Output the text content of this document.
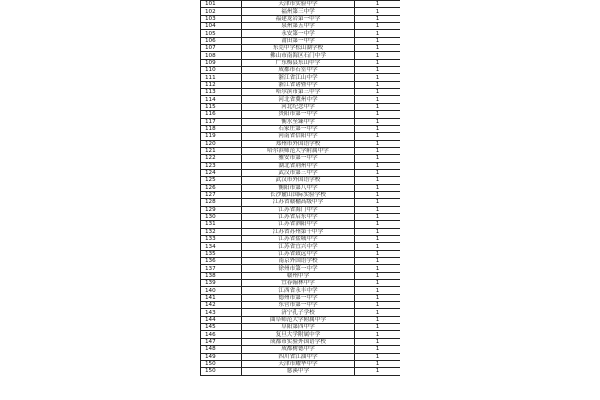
101	天津市实验中学	1
102	福州第三中学	1
103	福建龙岩第一中学	1
104	泉州第五中学	1
105	永安第一中学	1
106	莆田第一中学	1
107	东莞中学松山湖学校	1
108	佛山市南海区石门中学	1
109	广东梅县东山中学	1
110	成都市石室中学	1
111	浙江省江山中学	1
112	浙江省诸暨中学	1
113	哈尔滨市第三中学	1
114	河北省冀州中学	1
115	河北纪念中学	1
116	贵阳市第一中学	1
117	衡水至臻中学	1
118	石家庄第一中学	1
119	河南省信阳中学	1
120	郑州市外国语学校	1
121	哈尔滨师范大学附属中学	1
122	雅安市第一中学	1
123	湖北省荆州中学	1
124	武汉市第三中学	1
125	武汉市外国语学校	1
126	衡阳市第八中学	1
127	长沙麓山国际实验学校	1
128	江苏省赣榆高级中学	1
129	江苏省海门中学	1
130	江苏省启东中学	1
131	江苏省泗阳中学	1
132	江苏省苏州第十中学	1
133	江苏省盐城中学	1
134	江苏省宜兴中学	1
135	江苏省致远中学	1
136	南京外国语学校	1
137	徐州市第一中学	1
138	赣州中学	1
139	宜春翰林中学	1
140	江西省永丰中学	1
141	德州市第一中学	1
142	东营市第一中学	1
143	济宁孔子学校	1
144	曲阜师范大学附属中学	1
145	阜阳第四中学	1
146	复旦大学附属中学	1
147	成都市实验外国语学校	1
148	成都树德中学	1
149	四川省江油中学	1
150	天津市耀华中学	1
150	慈溪中学	1
